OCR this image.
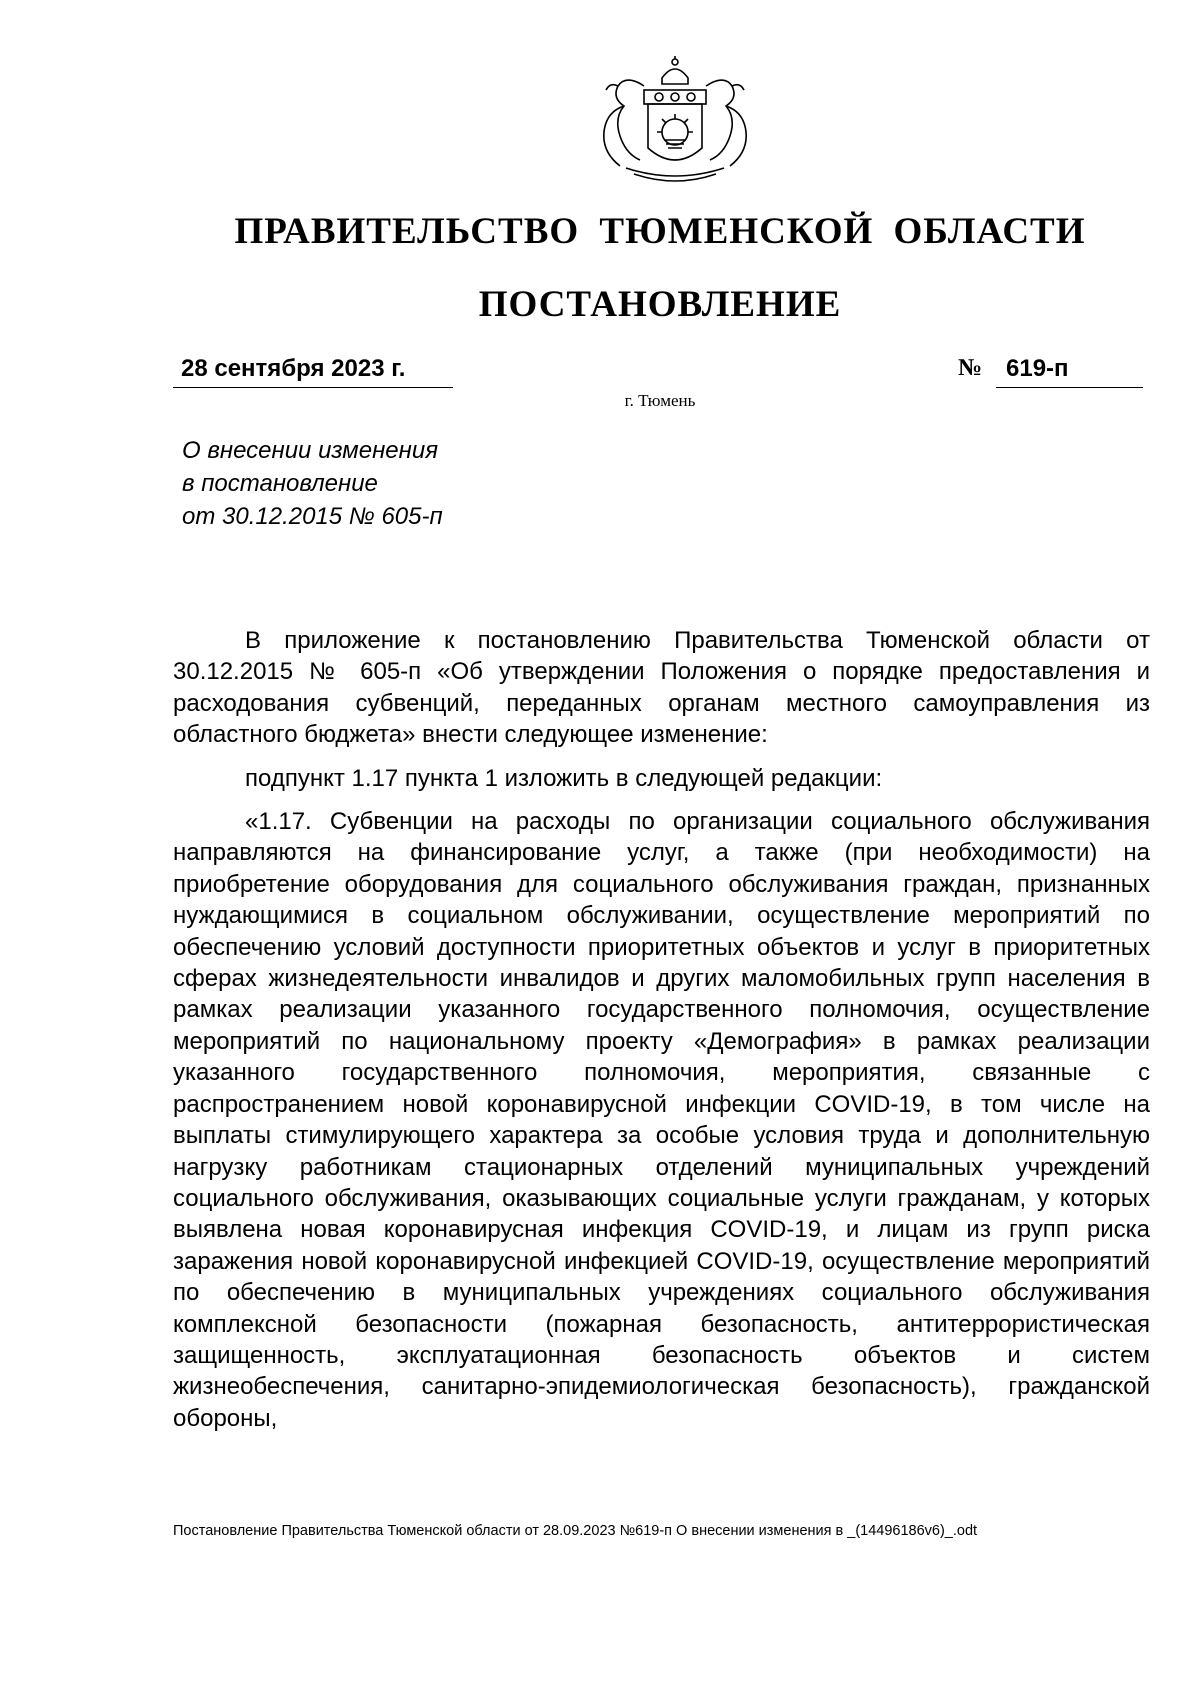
ПРАВИТЕЛЬСТВО ТЮМЕНСКОЙ ОБЛАСТИ
ПОСТАНОВЛЕНИЕ
28 сентября 2023 г.	№ 619-п
г. Тюмень
О внесении изменения
в постановление
от 30.12.2015 № 605-п

В приложение к постановлению Правительства Тюменской области от 30.12.2015 № 605-п «Об утверждении Положения о порядке предоставления и расходования субвенций, переданных органам местного самоуправления из областного бюджета» внести следующее изменение:

подпункт 1.17 пункта 1 изложить в следующей редакции:

«1.17. Субвенции на расходы по организации социального обслуживания направляются на финансирование услуг, а также (при необходимости) на приобретение оборудования для социального обслуживания граждан, признанных нуждающимися в социальном обслуживании, осуществление мероприятий по обеспечению условий доступности приоритетных объектов и услуг в приоритетных сферах жизнедеятельности инвалидов и других маломобильных групп населения в рамках реализации указанного государственного полномочия, осуществление мероприятий по национальному проекту «Демография» в рамках реализации указанного государственного полномочия, мероприятия, связанные с распространением новой коронавирусной инфекции COVID-19, в том числе на выплаты стимулирующего характера за особые условия труда и дополнительную нагрузку работникам стационарных отделений муниципальных учреждений социального обслуживания, оказывающих социальные услуги гражданам, у которых выявлена новая коронавирусная инфекция COVID-19, и лицам из групп риска заражения новой коронавирусной инфекцией COVID-19, осуществление мероприятий по обеспечению в муниципальных учреждениях социального обслуживания комплексной безопасности (пожарная безопасность, антитеррористическая защищенность, эксплуатационная безопасность объектов и систем жизнеобеспечения, санитарно-эпидемиологическая безопасность), гражданской обороны,

Постановление Правительства Тюменской области от 28.09.2023 №619-п О внесении изменения в _(14496186v6)_.odt
